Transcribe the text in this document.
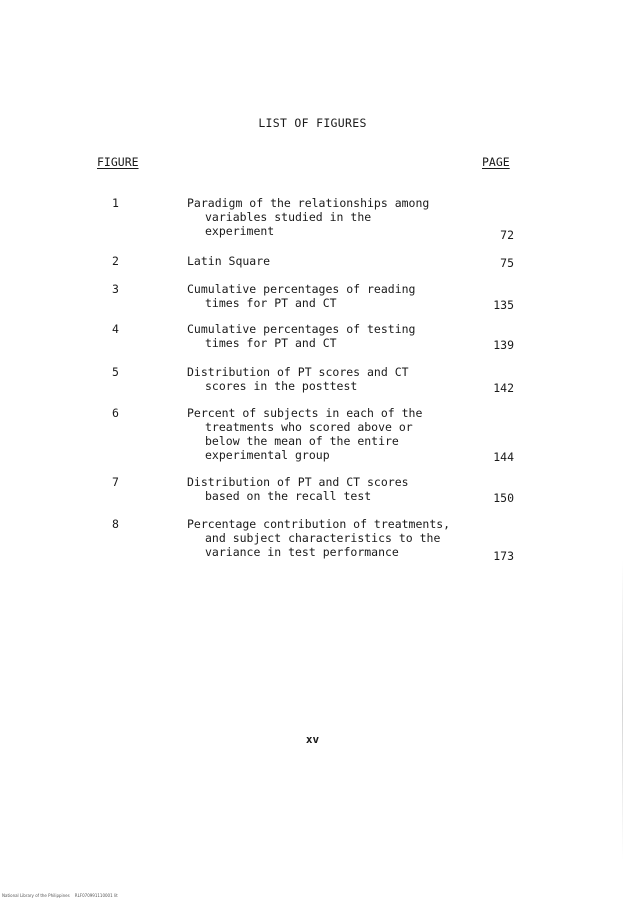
LIST OF FIGURES
FIGURE	PAGE
1	Paradigm of the relationships among
variables studied in the
experiment	72
2	Latin Square	75
3	Cumulative percentages of reading
times for PT and CT	135
4	Cumulative percentages of testing
times for PT and CT	139
5	Distribution of PT scores and CT
scores in the posttest	142
6	Percent of subjects in each of the
treatments who scored above or
below the mean of the entire
experimental group	144
7	Distribution of PT and CT scores
based on the recall test	150
8	Percentage contribution of treatments,
and subject characteristics to the
variance in test performance	173
xv
National Library of the Philippines    RLF070991110001 lit
